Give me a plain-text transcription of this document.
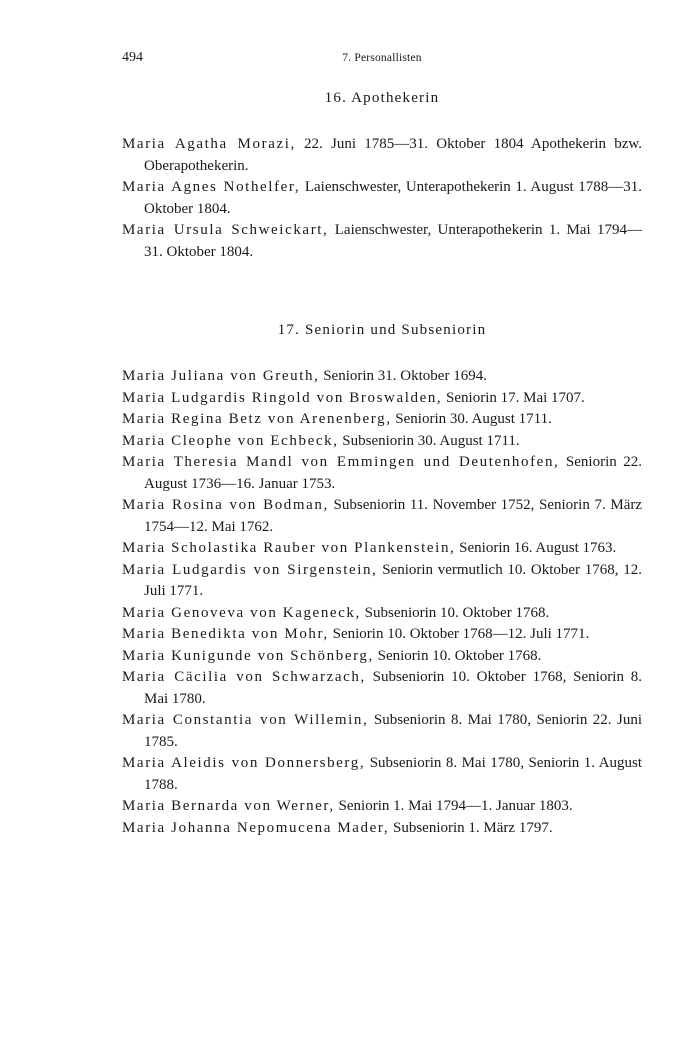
494	7. Personallisten
16. Apothekerin
Maria Agatha Morazi, 22. Juni 1785—31. Oktober 1804 Apothekerin bzw. Oberapothekerin.
Maria Agnes Nothelfer, Laienschwester, Unterapothekerin 1. August 1788—31. Oktober 1804.
Maria Ursula Schweickart, Laienschwester, Unterapothekerin 1. Mai 1794—31. Oktober 1804.
17. Seniorin und Subseniorin
Maria Juliana von Greuth, Seniorin 31. Oktober 1694.
Maria Ludgardis Ringold von Broswalden, Seniorin 17. Mai 1707.
Maria Regina Betz von Arenenberg, Seniorin 30. August 1711.
Maria Cleophe von Echbeck, Subseniorin 30. August 1711.
Maria Theresia Mandl von Emmingen und Deutenhofen, Seniorin 22. August 1736—16. Januar 1753.
Maria Rosina von Bodman, Subseniorin 11. November 1752, Seniorin 7. März 1754—12. Mai 1762.
Maria Scholastika Rauber von Plankenstein, Seniorin 16. August 1763.
Maria Ludgardis von Sirgenstein, Seniorin vermutlich 10. Oktober 1768, 12. Juli 1771.
Maria Genoveva von Kageneck, Subseniorin 10. Oktober 1768.
Maria Benedikta von Mohr, Seniorin 10. Oktober 1768—12. Juli 1771.
Maria Kunigunde von Schönberg, Seniorin 10. Oktober 1768.
Maria Cäcilia von Schwarzach, Subseniorin 10. Oktober 1768, Seniorin 8. Mai 1780.
Maria Constantia von Willemin, Subseniorin 8. Mai 1780, Seniorin 22. Juni 1785.
Maria Aleidis von Donnersberg, Subseniorin 8. Mai 1780, Seniorin 1. August 1788.
Maria Bernarda von Werner, Seniorin 1. Mai 1794—1. Januar 1803.
Maria Johanna Nepomucena Mader, Subseniorin 1. März 1797.
